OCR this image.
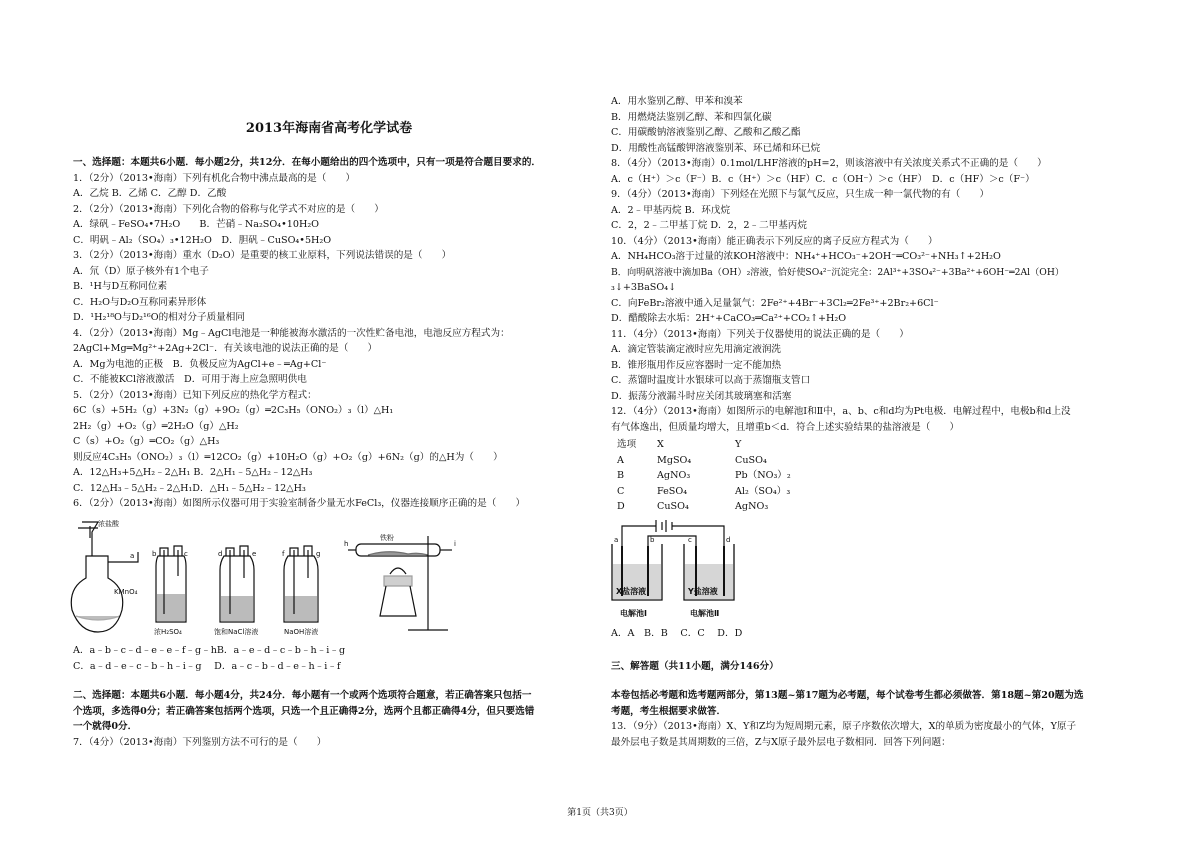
2013年海南省高考化学试卷
一、选择题：本题共6小题．每小题2分，共12分．在每小题给出的四个选项中，只有一项是符合题目要求的．
1．（2分）（2013•海南）下列有机化合物中沸点最高的是（　　）
A．乙烷 B．乙烯 C．乙醇 D．乙酸
2．（2分）（2013•海南）下列化合物的俗称与化学式不对应的是（　　）
A．绿矾﹣FeSO₄•7H₂O　　B．芒硝﹣Na₂SO₄•10H₂O
C．明矾﹣Al₂（SO₄）₃•12H₂O　D．胆矾﹣CuSO₄•5H₂O
3．（2分）（2013•海南）重水（D₂O）是重要的核工业原料，下列说法错误的是（　　）
A．氘（D）原子核外有1个电子
B．¹H与D互称同位素
C．H₂O与D₂O互称同素异形体
D．¹H₂¹⁸O与D₂¹⁶O的相对分子质量相同
4．（2分）（2013•海南）Mg﹣AgCl电池是一种能被海水激活的一次性贮备电池，电池反应方程式为：
2AgCl+Mg═Mg²⁺+2Ag+2Cl⁻．有关该电池的说法正确的是（　　）
A．Mg为电池的正极　B．负极反应为AgCl+e﹣═Ag+Cl⁻
C．不能被KCl溶液激活　D．可用于海上应急照明供电
5．（2分）（2013•海南）已知下列反应的热化学方程式：
6C（s）+5H₂（g）+3N₂（g）+9O₂（g）═2C₃H₅（ONO₂）₃（l）△H₁
2H₂（g）+O₂（g）═2H₂O（g）△H₂
C（s）+O₂（g）═CO₂（g）△H₃
则反应4C₃H₅（ONO₂）₃（l）═12CO₂（g）+10H₂O（g）+O₂（g）+6N₂（g）的△H为（　　）
A．12△H₃+5△H₂﹣2△H₁ B．2△H₁﹣5△H₂﹣12△H₃
C．12△H₃﹣5△H₂﹣2△H₁D．△H₁﹣5△H₂﹣12△H₃
6．（2分）（2013•海南）如图所示仪器可用于实验室制备少量无水FeCl₃，仪器连接顺序正确的是（　　）
浓盐酸
KMnO₄
a	b	c
浓H₂SO₄
d	e
饱和NaCl溶液
f	g
NaOH溶液
h	i
铁粉
A．a﹣b﹣c﹣d﹣e﹣e﹣f﹣g﹣hB．a﹣e﹣d﹣c﹣b﹣h﹣i﹣g
C．a﹣d﹣e﹣c﹣b﹣h﹣i﹣g　 D．a﹣c﹣b﹣d﹣e﹣h﹣i﹣f
二、选择题：本题共6小题．每小题4分，共24分．每小题有一个或两个选项符合题意，若正确答案只包括一
个选项，多选得0分；若正确答案包括两个选项，只选一个且正确得2分，选两个且都正确得4分，但只要选错
一个就得0分．
7．（4分）（2013•海南）下列鉴别方法不可行的是（　　）
A．用水鉴别乙醇、甲苯和溴苯
B．用燃烧法鉴别乙醇、苯和四氯化碳
C．用碳酸钠溶液鉴别乙醇、乙酸和乙酸乙酯
D．用酸性高锰酸钾溶液鉴别苯、环已烯和环已烷
8．（4分）（2013•海南）0.1mol/LHF溶液的pH=2，则该溶液中有关浓度关系式不正确的是（　　）
A．c（H⁺）＞c（F⁻）B．c（H⁺）＞c（HF）C．c（OH⁻）＞c（HF）　D．c（HF）＞c（F⁻）
9．（4分）（2013•海南）下列烃在光照下与氯气反应，只生成一种一氯代物的有（　　）
A．2﹣甲基丙烷 B．环戊烷
C．2，2﹣二甲基丁烷 D．2，2﹣二甲基丙烷
10．（4分）（2013•海南）能正确表示下列反应的离子反应方程式为（　　）
A．NH₄HCO₃溶于过量的浓KOH溶液中：NH₄⁺+HCO₃⁻+2OH⁻═CO₃²⁻+NH₃↑+2H₂O
B．向明矾溶液中滴加Ba（OH）₂溶液，恰好使SO₄²⁻沉淀完全：2Al³⁺+3SO₄²⁻+3Ba²⁺+6OH⁻═2Al（OH）
₃↓+3BaSO₄↓
C．向FeBr₂溶液中通入足量氯气：2Fe²⁺+4Br⁻+3Cl₂═2Fe³⁺+2Br₂+6Cl⁻
D．醋酸除去水垢：2H⁺+CaCO₃═Ca²⁺+CO₂↑+H₂O
11．（4分）（2013•海南）下列关于仪器使用的说法正确的是（　　）
A．滴定管装滴定液时应先用滴定液润洗
B．锥形瓶用作反应容器时一定不能加热
C．蒸馏时温度计水银球可以高于蒸馏瓶支管口
D．振荡分液漏斗时应关闭其玻璃塞和活塞
12．（4分）（2013•海南）如图所示的电解池Ⅰ和Ⅱ中，a、b、c和d均为Pt电极．电解过程中，电极b和d上没
有气体逸出，但质量均增大，且增重b＜d．符合上述实验结果的盐溶液是（　　）
选项	X	Y
A	MgSO₄	CuSO₄
B	AgNO₃	Pb（NO₃）₂
C	FeSO₄	Al₂（SO₄）₃
D	CuSO₄	AgNO₃
a	b	c	d
X盐溶液	Y盐溶液
电解池Ⅰ	电解池Ⅱ
A．A　B．B　 C．C　 D．D
三、解答题（共11小题，满分146分）
本卷包括必考题和选考题两部分，第13题~第17题为必考题，每个试卷考生都必须做答．第18题~第20题为选
考题，考生根据要求做答．
13．（9分）（2013•海南）X、Y和Z均为短周期元素，原子序数依次增大，X的单质为密度最小的气体，Y原子
最外层电子数是其周期数的三倍，Z与X原子最外层电子数相同．回答下列问题：
第1页（共3页）
